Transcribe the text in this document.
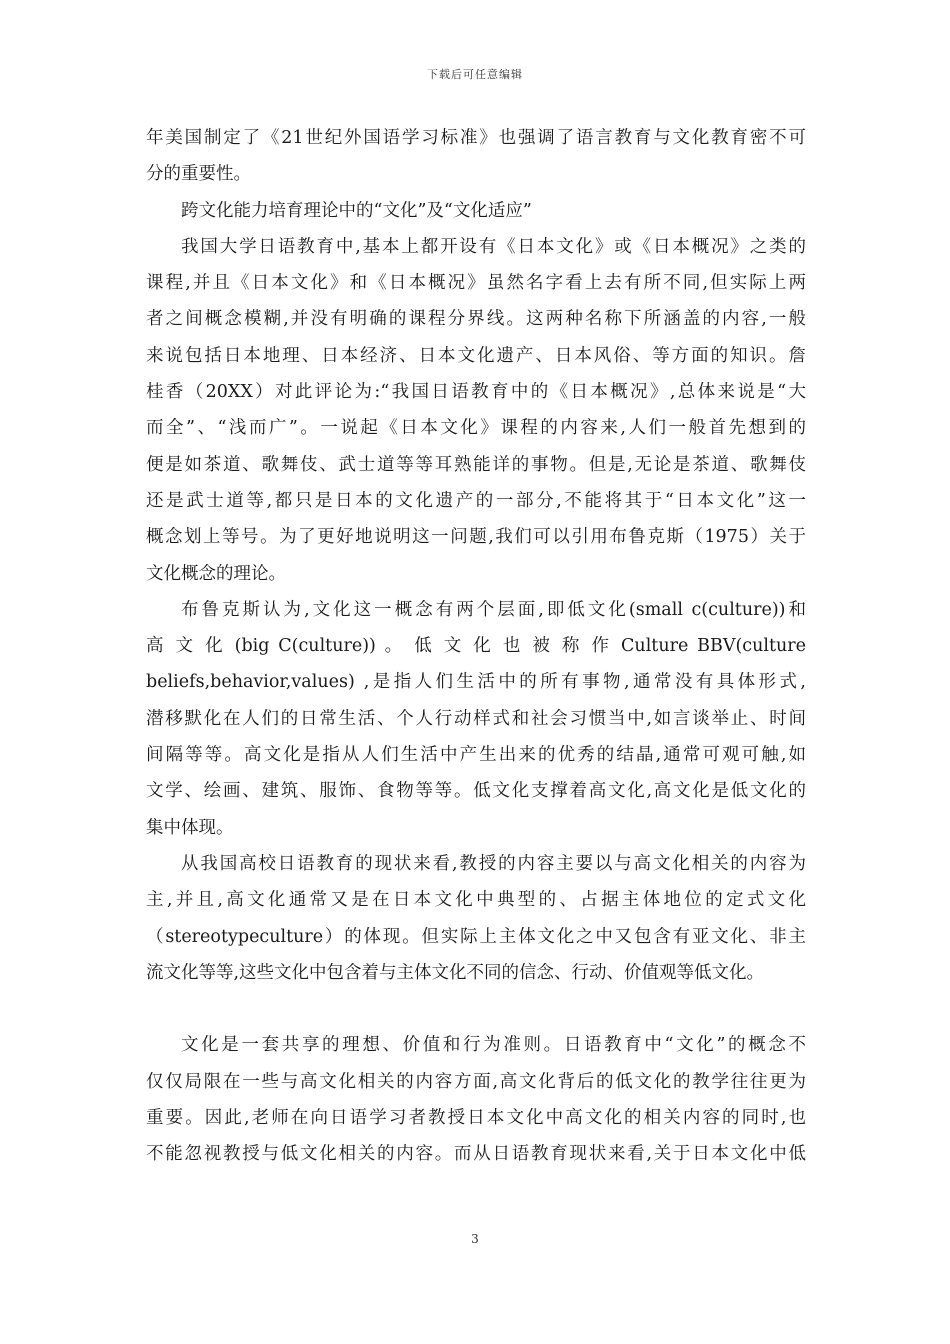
下载后可任意编辑
年美国制定了《21世纪外国语学习标准》也强调了语言教育与文化教育密不可
分的重要性。
跨文化能力培育理论中的“文化”及“文化适应”
我国大学日语教育中,基本上都开设有《日本文化》或《日本概况》之类的
课程,并且《日本文化》和《日本概况》虽然名字看上去有所不同,但实际上两
者之间概念模糊,并没有明确的课程分界线。这两种名称下所涵盖的内容,一般
来说包括日本地理、日本经济、日本文化遗产、日本风俗、等方面的知识。詹
桂香（20XX）对此评论为:“我国日语教育中的《日本概况》,总体来说是“大
而全”、“浅而广”。一说起《日本文化》课程的内容来,人们一般首先想到的
便是如茶道、歌舞伎、武士道等等耳熟能详的事物。但是,无论是茶道、歌舞伎
还是武士道等,都只是日本的文化遗产的一部分,不能将其于“日本文化”这一
概念划上等号。为了更好地说明这一问题,我们可以引用布鲁克斯（1975）关于
文化概念的理论。
布鲁克斯认为,文化这一概念有两个层面,即低文化(small c(culture))和
高 文 化 (big C(culture)) 。 低 文 化 也 被 称 作 Culture BBV(culture
beliefs,behavior,values) ,是指人们生活中的所有事物,通常没有具体形式,
潜移默化在人们的日常生活、个人行动样式和社会习惯当中,如言谈举止、时间
间隔等等。高文化是指从人们生活中产生出来的优秀的结晶,通常可观可触,如
文学、绘画、建筑、服饰、食物等等。低文化支撑着高文化,高文化是低文化的
集中体现。
从我国高校日语教育的现状来看,教授的内容主要以与高文化相关的内容为
主,并且,高文化通常又是在日本文化中典型的、占据主体地位的定式文化
（stereotypeculture）的体现。但实际上主体文化之中又包含有亚文化、非主
流文化等等,这些文化中包含着与主体文化不同的信念、行动、价值观等低文化。
文化是一套共享的理想、价值和行为准则。日语教育中“文化”的概念不
仅仅局限在一些与高文化相关的内容方面,高文化背后的低文化的教学往往更为
重要。因此,老师在向日语学习者教授日本文化中高文化的相关内容的同时,也
不能忽视教授与低文化相关的内容。而从日语教育现状来看,关于日本文化中低
3
